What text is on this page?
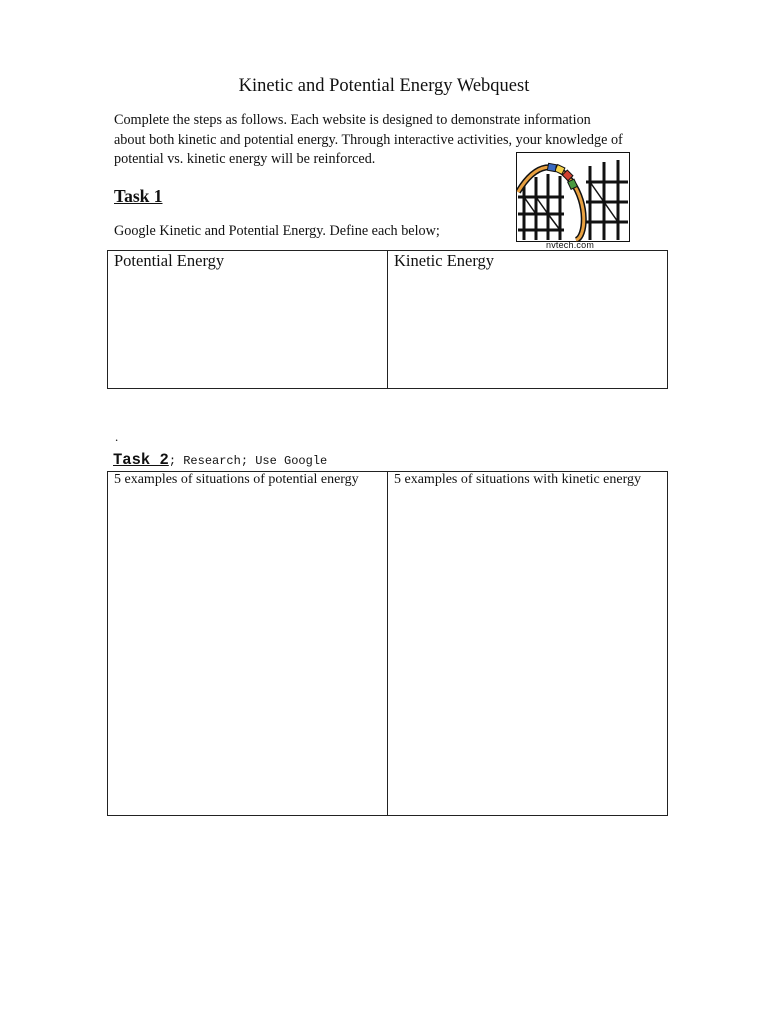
Kinetic and Potential Energy Webquest
Complete the steps as follows. Each website is designed to demonstrate information
about both kinetic and potential energy. Through interactive activities, your knowledge of
potential vs. kinetic energy will be reinforced.
nvtech.com
Task 1
Google Kinetic and Potential Energy. Define each below;
Potential Energy	Kinetic Energy
.
Task 2; Research; Use Google
5 examples of situations of potential energy	5 examples of situations with kinetic energy
